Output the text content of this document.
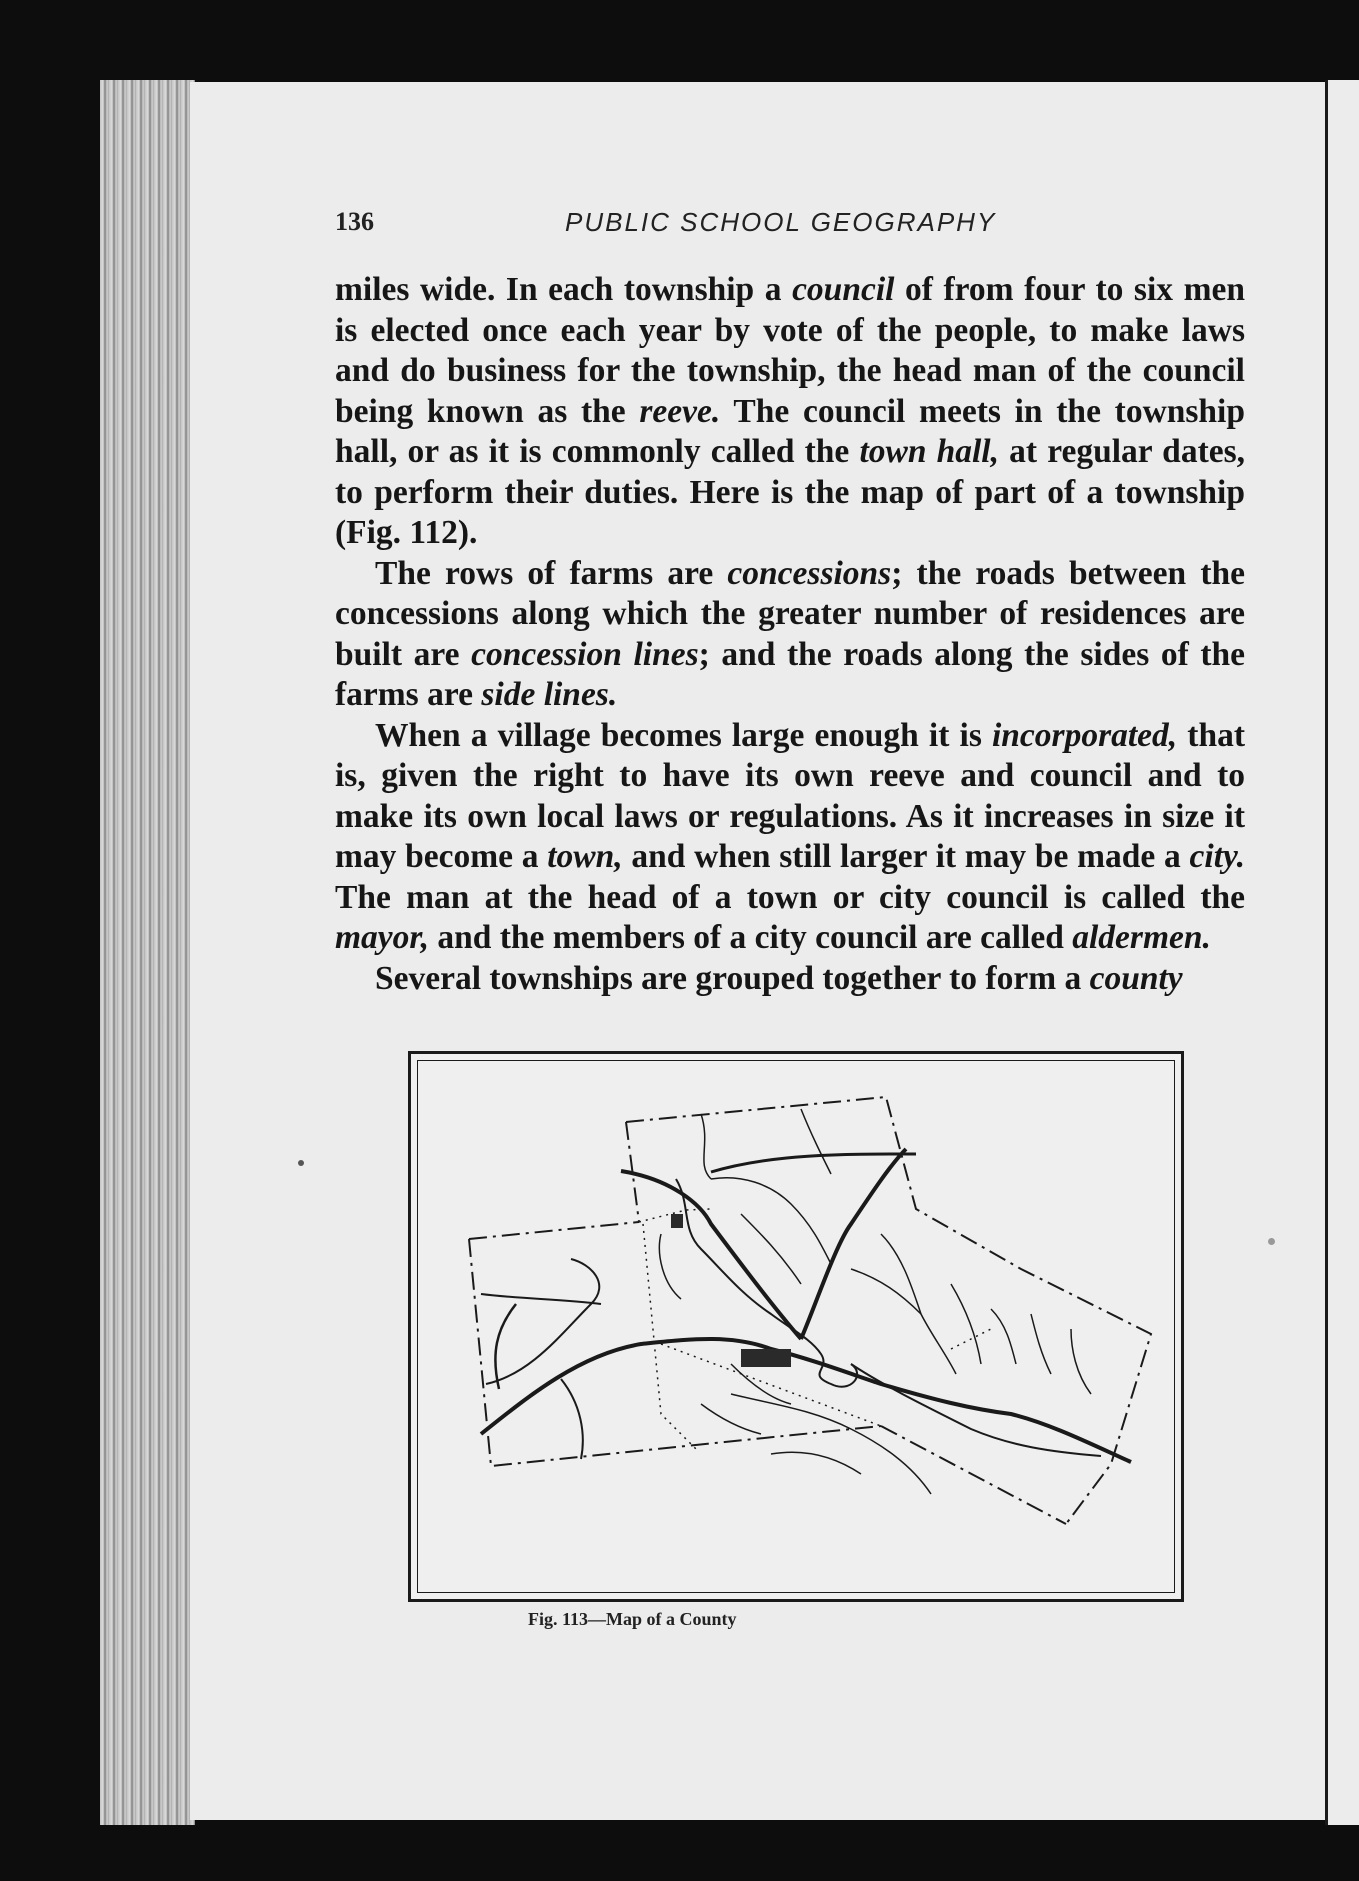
136	PUBLIC SCHOOL GEOGRAPHY

miles wide. In each township a council of from four to six men is elected once each year by vote of the people, to make laws and do business for the township, the head man of the council being known as the reeve. The council meets in the township hall, or as it is commonly called the town hall, at regular dates, to perform their duties. Here is the map of part of a township (Fig. 112).

The rows of farms are concessions; the roads between the concessions along which the greater number of residences are built are concession lines; and the roads along the sides of the farms are side lines.

When a village becomes large enough it is incorporated, that is, given the right to have its own reeve and council and to make its own local laws or regulations. As it increases in size it may become a town, and when still larger it may be made a city. The man at the head of a town or city council is called the mayor, and the members of a city council are called aldermen.

Several townships are grouped together to form a county

Fig. 113—Map of a County
